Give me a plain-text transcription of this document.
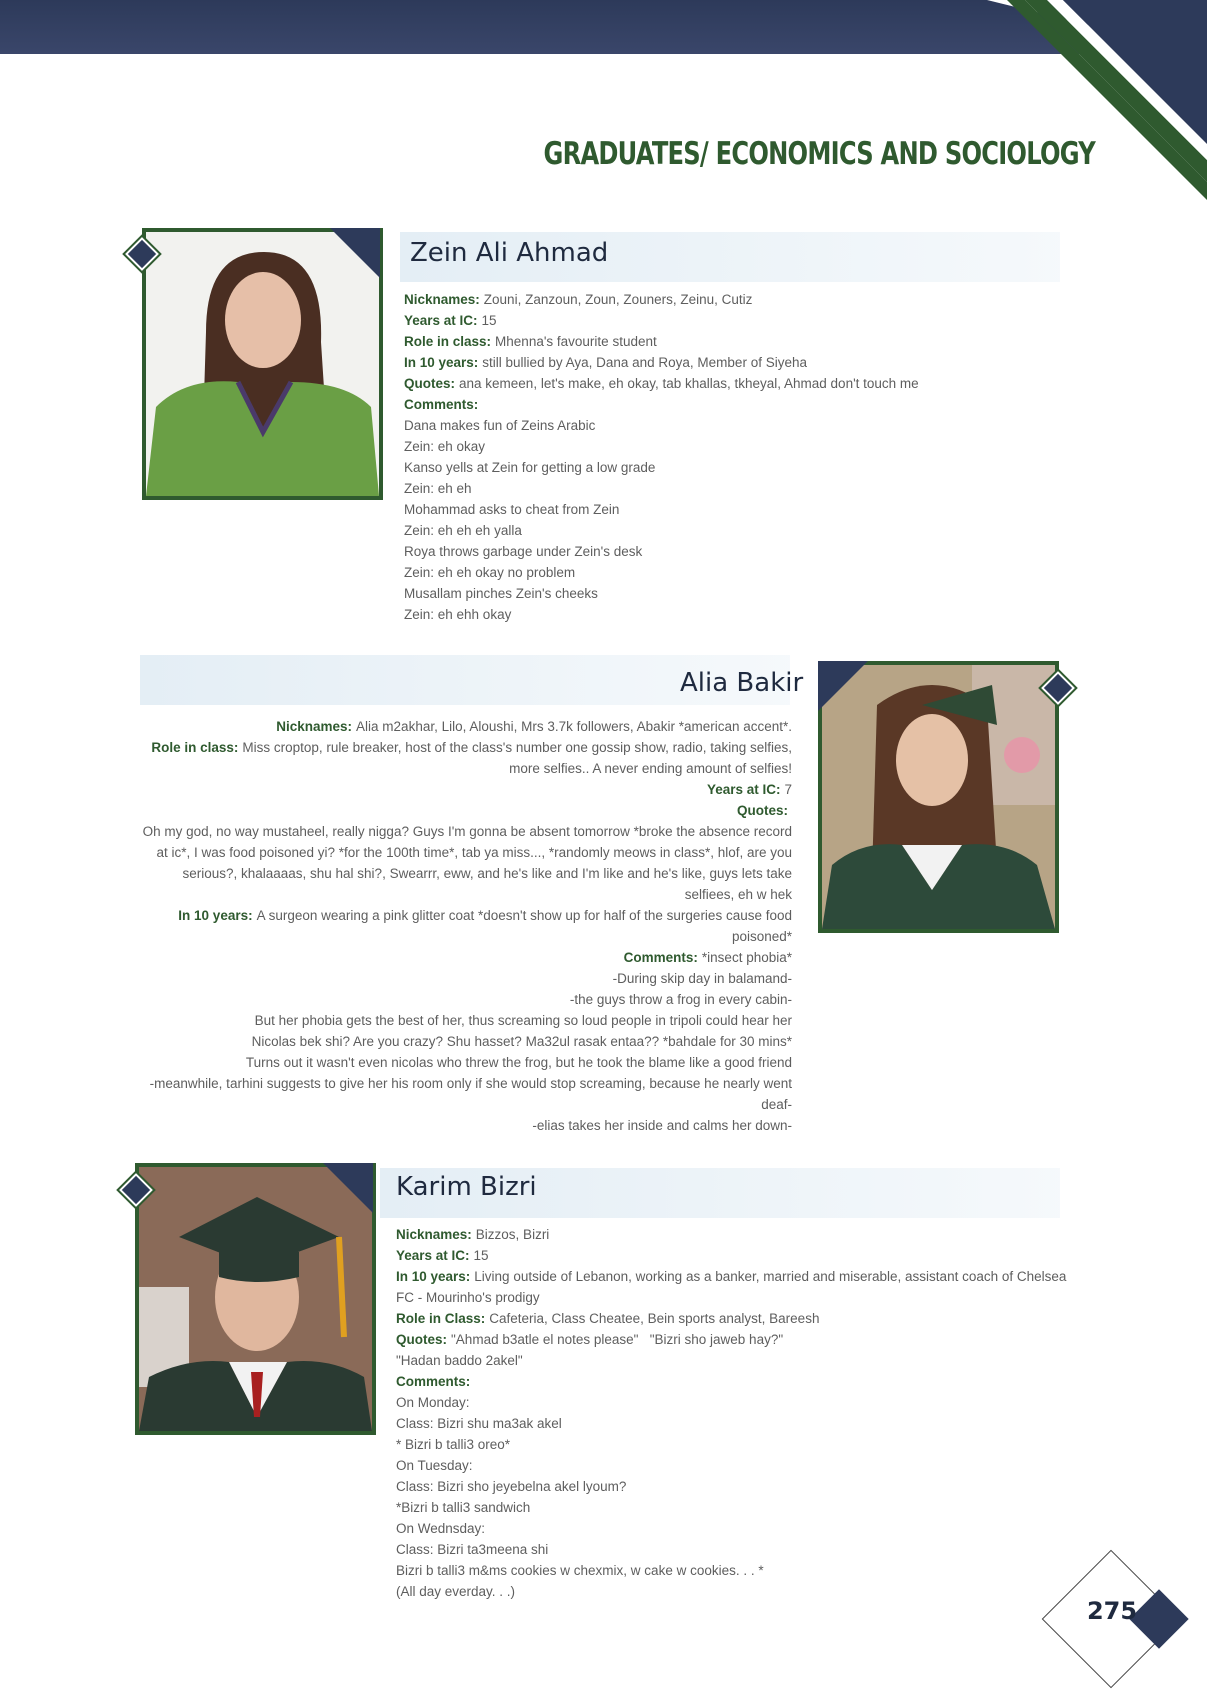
GRADUATES/ ECONOMICS AND SOCIOLOGY
Zein Ali Ahmad
Nicknames: Zouni, Zanzoun, Zoun, Zouners, Zeinu, Cutiz
Years at IC: 15
Role in class: Mhenna's favourite student
In 10 years: still bullied by Aya, Dana and Roya, Member of Siyeha
Quotes: ana kemeen, let's make, eh okay, tab khallas, tkheyal, Ahmad don't touch me
Comments:
Dana makes fun of Zeins Arabic
Zein: eh okay
Kanso yells at Zein for getting a low grade
Zein: eh eh
Mohammad asks to cheat from Zein
Zein: eh eh eh yalla
Roya throws garbage under Zein's desk
Zein: eh eh okay no problem
Musallam pinches Zein's cheeks
Zein: eh ehh okay
Alia Bakir
Nicknames: Alia m2akhar, Lilo, Aloushi, Mrs 3.7k followers, Abakir *american accent*.
Role in class: Miss croptop, rule breaker, host of the class's number one gossip show, radio, taking selfies, more selfies.. A never ending amount of selfies!
Years at IC: 7
Quotes:
Oh my god, no way mustaheel, really nigga? Guys I'm gonna be absent tomorrow *broke the absence record at ic*, I was food poisoned yi? *for the 100th time*, tab ya miss..., *randomly meows in class*, hlof, are you serious?, khalaaaas, shu hal shi?, Swearrr, eww, and he's like and I'm like and he's like, guys lets take selfiees, eh w hek
In 10 years: A surgeon wearing a pink glitter coat *doesn't show up for half of the surgeries cause food poisoned*
Comments: *insect phobia*
-During skip day in balamand-
-the guys throw a frog in every cabin-
But her phobia gets the best of her, thus screaming so loud people in tripoli could hear her
Nicolas bek shi? Are you crazy? Shu hasset? Ma32ul rasak entaa?? *bahdale for 30 mins*
Turns out it wasn't even nicolas who threw the frog, but he took the blame like a good friend
-meanwhile, tarhini suggests to give her his room only if she would stop screaming, because he nearly went deaf-
-elias takes her inside and calms her down-
Karim Bizri
Nicknames: Bizzos, Bizri
Years at IC: 15
In 10 years: Living outside of Lebanon, working as a banker, married and miserable, assistant coach of Chelsea FC - Mourinho's prodigy
Role in Class: Cafeteria, Class Cheatee, Bein sports analyst, Bareesh
Quotes: "Ahmad b3atle el notes please"   "Bizri sho jaweb hay?"
"Hadan baddo 2akel"
Comments:
On Monday:
Class: Bizri shu ma3ak akel
* Bizri b talli3 oreo*
On Tuesday:
Class: Bizri sho jeyebelna akel lyoum?
*Bizri b talli3 sandwich
On Wednsday:
Class: Bizri ta3meena shi
Bizri b talli3 m&ms cookies w chexmix, w cake w cookies. . . *
(All day everday. . .)
275
